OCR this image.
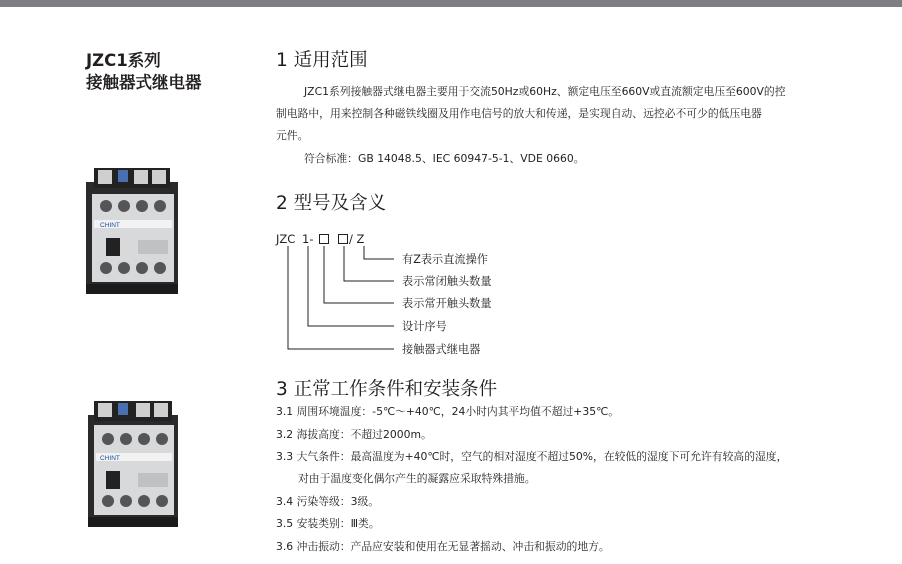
JZC1系列
接触器式继电器
CHINT
CHINT
1 适用范围
JZC1系列接触器式继电器主要用于交流50Hz或60Hz、额定电压至660V或直流额定电压至600V的控
制电路中，用来控制各种磁铁线圈及用作电信号的放大和传递，是实现自动、远控必不可少的低压电器
元件。
符合标准：GB 14048.5、IEC 60947-5-1、VDE 0660。
2 型号及含义
JZC 1-	/ Z
有Z表示直流操作
表示常闭触头数量
表示常开触头数量
设计序号
接触器式继电器
3 正常工作条件和安装条件
3.1 周围环境温度：-5℃～+40℃，24小时内其平均值不超过+35℃。
3.2 海拔高度：不超过2000m。
3.3 大气条件：最高温度为+40℃时，空气的相对湿度不超过50%，在较低的湿度下可允许有较高的湿度，
对由于温度变化偶尔产生的凝露应采取特殊措施。
3.4 污染等级：3级。
3.5 安装类别：Ⅲ类。
3.6 冲击振动：产品应安装和使用在无显著摇动、冲击和振动的地方。
